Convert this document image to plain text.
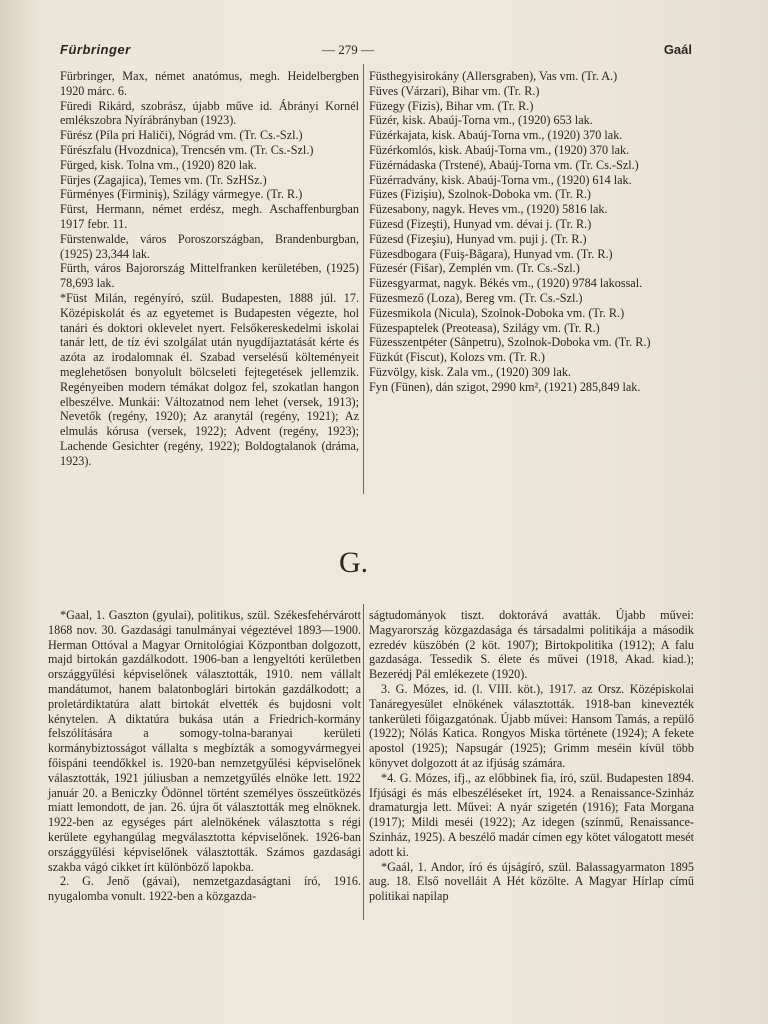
Fürbringer	— 279 —	Gaál

Fürbringer, Max, német anatómus, megh. Heidelbergben 1920 márc. 6.

Füredi Rikárd, szobrász, újabb műve id. Ábrányi Kornél emlékszobra Nyírábrányban (1923).

Fürész (Píla pri Haliči), Nógrád vm. (Tr. Cs.-Szl.)

Fűrészfalu (Hvozdnica), Trencsén vm. (Tr. Cs.-Szl.)

Fürged, kisk. Tolna vm., (1920) 820 lak.

Fürjes (Zagajica), Temes vm. (Tr. SzHSz.)

Fürményes (Firminiş), Szilágy vármegye. (Tr. R.)

Fürst, Hermann, német erdész, megh. Aschaffenburgban 1917 febr. 11.

Fürstenwalde, város Poroszországban, Brandenburgban, (1925) 23,344 lak.

Fürth, város Bajorország Mittelfranken kerületében, (1925) 78,693 lak.

*Füst Milán, regényíró, szül. Budapesten, 1888 júl. 17. Középiskolát és az egyetemet is Budapesten végezte, hol tanári és doktori oklevelet nyert. Felsőkereskedelmi iskolai tanár lett, de tíz évi szolgálat után nyugdíjaztatását kérte és azóta az irodalomnak él. Szabad verselésű költeményeit meglehetősen bonyolult bölcseleti fejtegetések jellemzik. Regényeiben modern témákat dolgoz fel, szokatlan hangon elbeszélve. Munkái: Változatnod nem lehet (versek, 1913); Nevetők (regény, 1920); Az aranytál (regény, 1921); Az elmulás kórusa (versek, 1922); Advent (regény, 1923); Lachende Gesichter (regény, 1922); Boldogtalanok (dráma, 1923).

Füsthegyisirokány (Allersgraben), Vas vm. (Tr. A.)

Füves (Várzari), Bihar vm. (Tr. R.)

Füzegy (Fizis), Bihar vm. (Tr. R.)

Füzér, kisk. Abaúj-Torna vm., (1920) 653 lak.

Füzérkajata, kisk. Abaúj-Torna vm., (1920) 370 lak.

Füzérkomlós, kisk. Abaúj-Torna vm., (1920) 370 lak.

Füzérnádaska (Trstené), Abaúj-Torna vm. (Tr. Cs.-Szl.)

Füzérradvány, kisk. Abaúj-Torna vm., (1920) 614 lak.

Füzes (Fizişiu), Szolnok-Doboka vm. (Tr. R.)

Füzesabony, nagyk. Heves vm., (1920) 5816 lak.

Füzesd (Fizeşti), Hunyad vm. dévai j. (Tr. R.)

Füzesd (Fizeşiu), Hunyad vm. puji j. (Tr. R.)

Füzesdbogara (Fuiş-Bâgara), Hunyad vm. (Tr. R.)

Füzesér (Fišar), Zemplén vm. (Tr. Cs.-Szl.)

Füzesgyarmat, nagyk. Békés vm., (1920) 9784 lakossal.

Füzesmező (Loza), Bereg vm. (Tr. Cs.-Szl.)

Füzesmikola (Nicula), Szolnok-Doboka vm. (Tr. R.)

Füzespaptelek (Preoteasa), Szilágy vm. (Tr. R.)

Füzesszentpéter (Sânpetru), Szolnok-Doboka vm. (Tr. R.)

Füzkút (Fiscut), Kolozs vm. (Tr. R.)

Füzvölgy, kisk. Zala vm., (1920) 309 lak.

Fyn (Fünen), dán szigot, 2990 km², (1921) 285,849 lak.

G.

*Gaal, 1. Gaszton (gyulai), politikus, szül. Székesfehérvárott 1868 nov. 30. Gazdasági tanulmányai végeztével 1893—1900. Herman Ottóval a Magyar Ornitológiai Központban dolgozott, majd birtokán gazdálkodott. 1906-ban a lengyeltóti kerületben országgyűlési képviselőnek választották, 1910. nem vállalt mandátumot, hanem balatonboglári birtokán gazdálkodott; a proletárdiktatúra alatt birtokát elvették és bujdosni volt kénytelen. A diktatúra bukása után a Friedrich-kormány felszólítására a somogy-tolna-baranyai kerületi kormánybiztosságot vállalta s megbízták a somogyvármegyei főispáni teendőkkel is. 1920-ban nemzetgyűlési képviselőnek választották, 1921 júliusban a nemzetgyűlés elnöke lett. 1922 január 20. a Beniczky Ödönnel történt személyes összeütközés miatt lemondott, de jan. 26. újra őt választották meg elnöknek. 1922-ben az egységes párt alelnökének választotta s régi kerülete egyhangúlag megválasztotta képviselőnek. 1926-ban országgyűlési képviselőnek választották. Számos gazdasági szakba vágó cikket írt különböző lapokba.

2. G. Jenő (gávai), nemzetgazdaságtani író, 1916. nyugalomba vonult. 1922-ben a közgazda-

ságtudományok tiszt. doktorává avatták. Újabb művei: Magyarország közgazdasága és társadalmi politikája a második ezredév küszöbén (2 köt. 1907); Birtokpolitika (1912); A falu gazdasága. Tessedik S. élete és művei (1918, Akad. kiad.); Bezerédj Pál emlékezete (1920).

3. G. Mózes, id. (l. VIII. köt.), 1917. az Orsz. Középiskolai Tanáregyesület elnökének választották. 1918-ban kinevezték tankerületi főigazgatónak. Újabb művei: Hansom Tamás, a repülő (1922); Nólás Katica. Rongyos Miska története (1924); A fekete apostol (1925); Napsugár (1925); Grimm meséin kívül több könyvet dolgozott át az ifjúság számára.

*4. G. Mózes, ifj., az előbbinek fia, író, szül. Budapesten 1894. Ifjúsági és más elbeszéléseket írt, 1924. a Renaissance-Szinház dramaturgja lett. Művei: A nyár szigetén (1916); Fata Morgana (1917); Mildi meséi (1922); Az idegen (színmű, Renaissance-Szinház, 1925). A beszélő madár címen egy kötet válogatott mesét adott ki.

*Gaál, 1. Andor, író és újságíró, szül. Balassagyarmaton 1895 aug. 18. Első novelláit A Hét közölte. A Magyar Hírlap című politikai napilap
